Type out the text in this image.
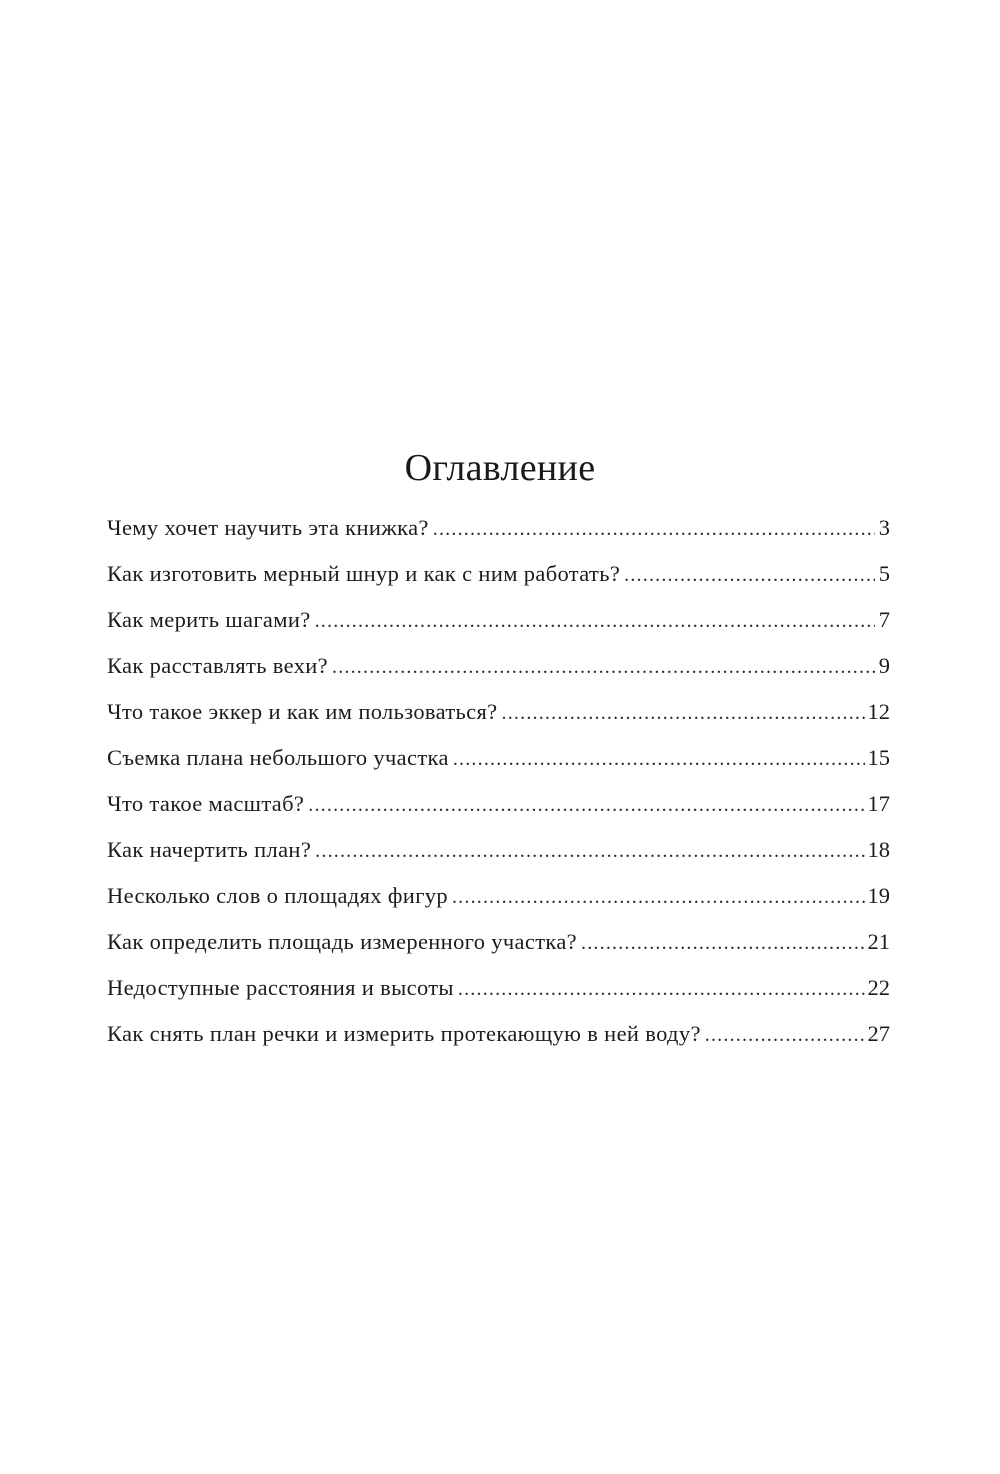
Оглавление
Чему хочет научить эта книжка? . . .	3
Как изготовить мерный шнур и как с ним работать? . . .	5
Как мерить шагами? . . .	7
Как расставлять вехи? . . .	9
Что такое эккер и как им пользоваться? . . .	12
Съемка плана небольшого участка . . .	15
Что такое масштаб? . . .	17
Как начертить план? . . .	18
Несколько слов о площадях фигур . . .	19
Как определить площадь измеренного участка? . . .	21
Недоступные расстояния и высоты . . .	22
Как снять план речки и измерить протекающую в ней воду? . . .	27
